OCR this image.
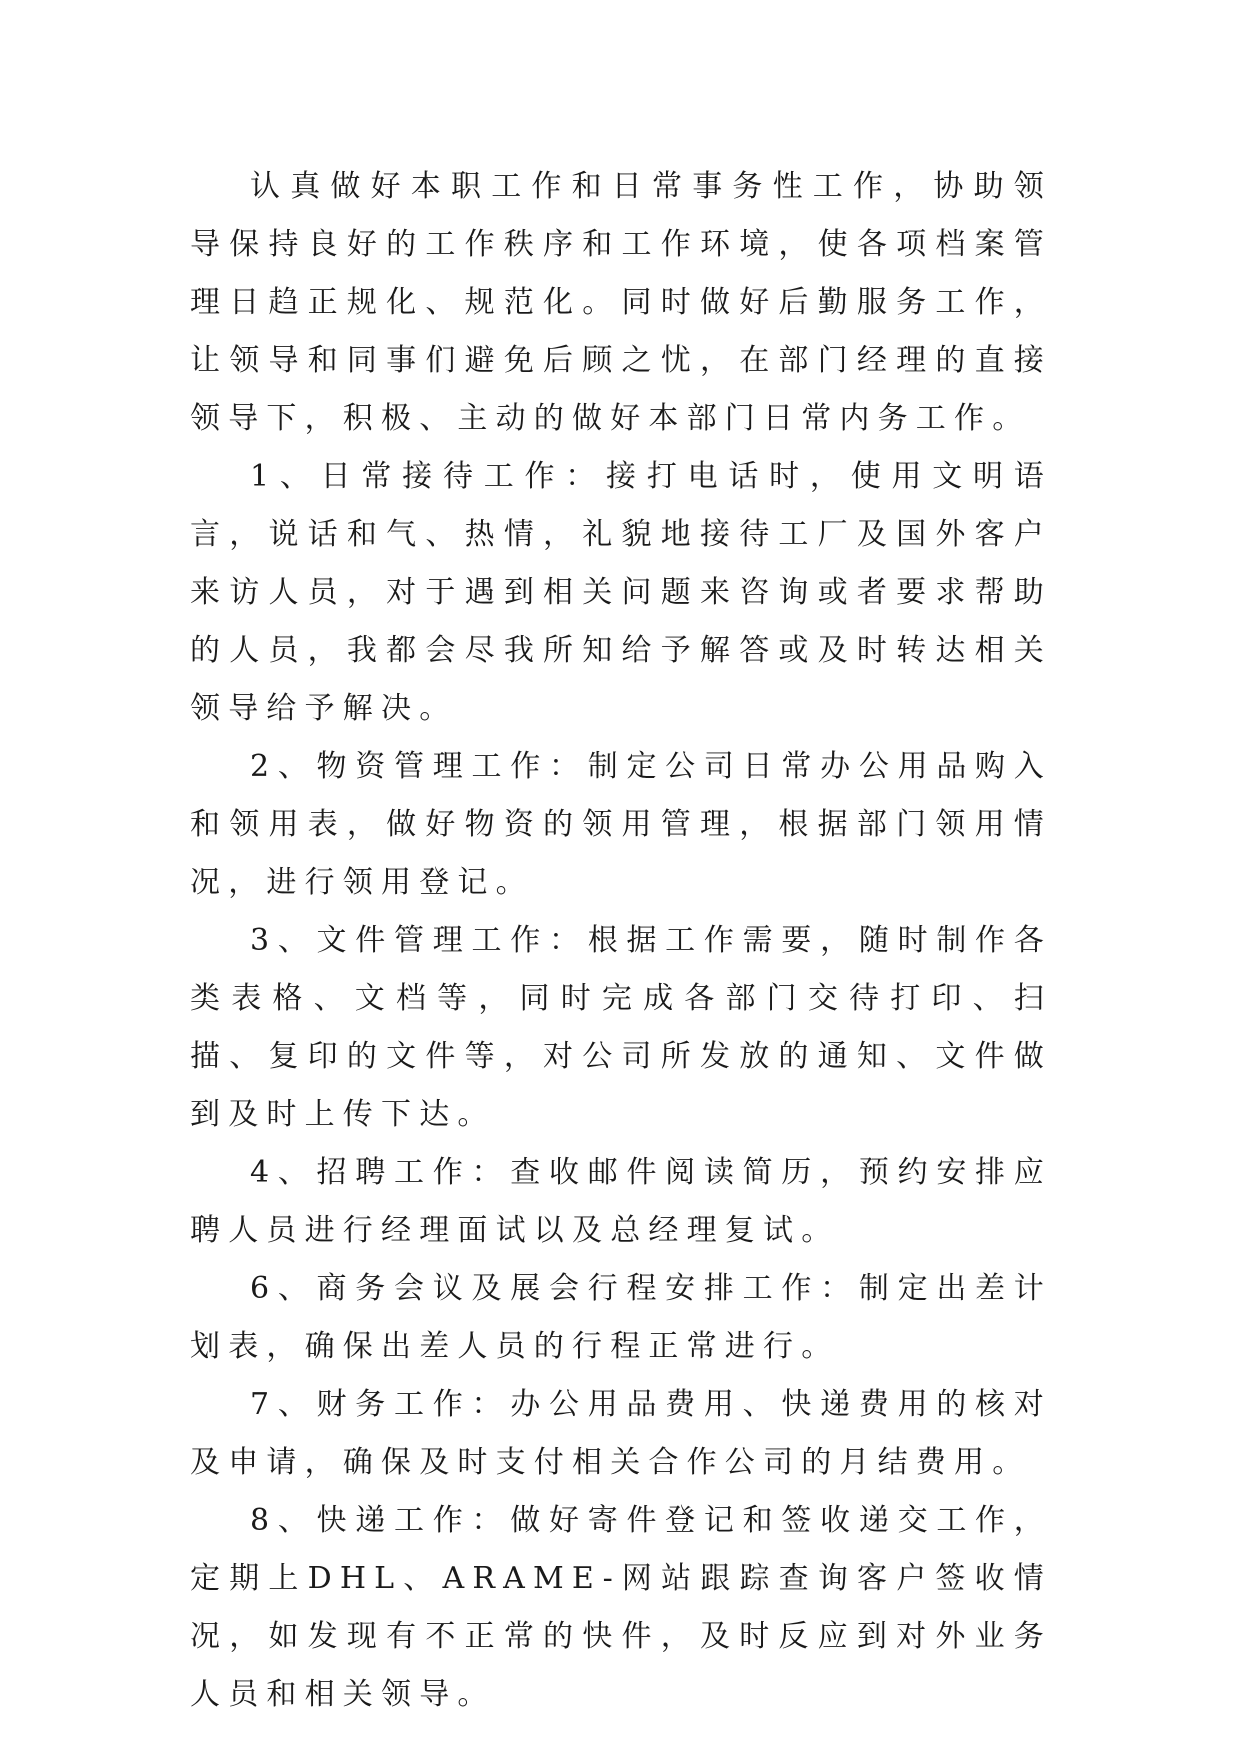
认真做好本职工作和日常事务性工作，协助领导保持良好的工作秩序和工作环境，使各项档案管理日趋正规化、规范化。同时做好后勤服务工作，让领导和同事们避免后顾之忧，在部门经理的直接领导下，积极、主动的做好本部门日常内务工作。

1、日常接待工作：接打电话时，使用文明语言，说话和气、热情，礼貌地接待工厂及国外客户来访人员，对于遇到相关问题来咨询或者要求帮助的人员，我都会尽我所知给予解答或及时转达相关领导给予解决。

2、物资管理工作：制定公司日常办公用品购入和领用表，做好物资的领用管理，根据部门领用情况，进行领用登记。

3、文件管理工作：根据工作需要，随时制作各类表格、文档等，同时完成各部门交待打印、扫描、复印的文件等，对公司所发放的通知、文件做到及时上传下达。

4、招聘工作：查收邮件阅读简历，预约安排应聘人员进行经理面试以及总经理复试。

6、商务会议及展会行程安排工作：制定出差计划表，确保出差人员的行程正常进行。

7、财务工作：办公用品费用、快递费用的核对及申请，确保及时支付相关合作公司的月结费用。

8、快递工作：做好寄件登记和签收递交工作，定期上DHL、ARAME-网站跟踪查询客户签收情况，如发现有不正常的快件，及时反应到对外业务人员和相关领导。
